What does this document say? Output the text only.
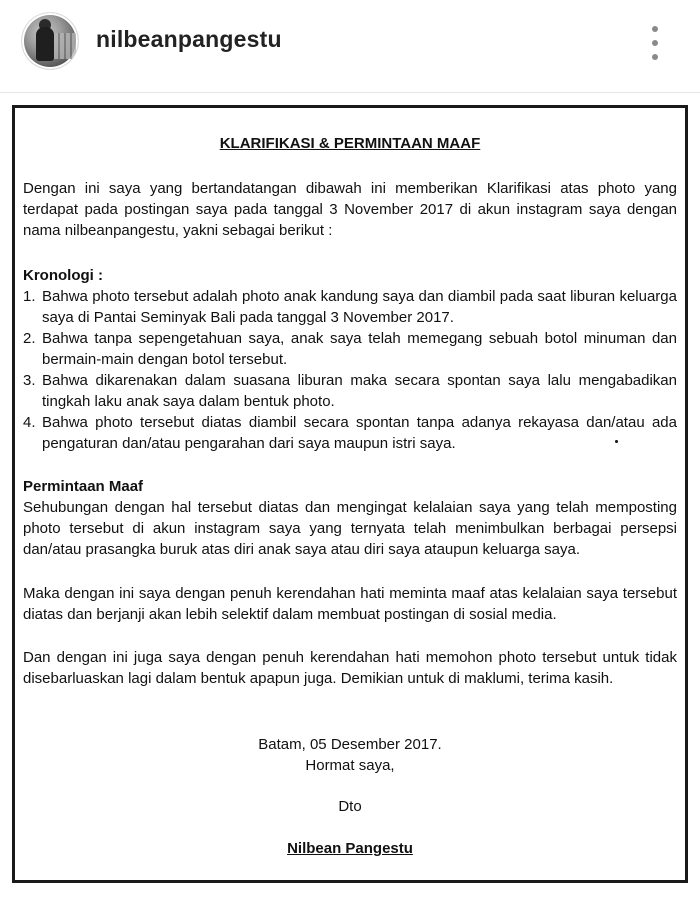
nilbeanpangestu
KLARIFIKASI & PERMINTAAN MAAF
Dengan ini saya yang bertandatangan dibawah ini memberikan Klarifikasi atas photo yang terdapat pada postingan saya pada tanggal 3 November 2017 di akun instagram saya dengan nama nilbeanpangestu, yakni sebagai berikut :
Kronologi :
1. Bahwa photo tersebut adalah photo anak kandung saya dan diambil pada saat liburan keluarga saya di Pantai Seminyak Bali pada tanggal 3 November 2017.
2. Bahwa tanpa sepengetahuan saya, anak saya telah memegang sebuah botol minuman dan bermain-main dengan botol tersebut.
3. Bahwa dikarenakan dalam suasana liburan maka secara spontan saya lalu mengabadikan tingkah laku anak saya dalam bentuk photo.
4. Bahwa photo tersebut diatas diambil secara spontan tanpa adanya rekayasa dan/atau ada pengaturan dan/atau pengarahan dari saya maupun istri saya.
Permintaan Maaf
Sehubungan dengan hal tersebut diatas dan mengingat kelalaian saya yang telah memposting photo tersebut di akun instagram saya yang ternyata telah menimbulkan berbagai persepsi dan/atau prasangka buruk atas diri anak saya atau diri saya ataupun keluarga saya.
Maka dengan ini saya dengan penuh kerendahan hati meminta maaf atas kelalaian saya tersebut diatas dan berjanji akan lebih selektif dalam membuat postingan di sosial media.
Dan dengan ini juga saya dengan penuh kerendahan hati memohon photo tersebut untuk tidak disebarluaskan lagi dalam bentuk apapun juga. Demikian untuk di maklumi, terima kasih.
Batam, 05 Desember 2017.
Hormat saya,
Dto
Nilbean Pangestu
